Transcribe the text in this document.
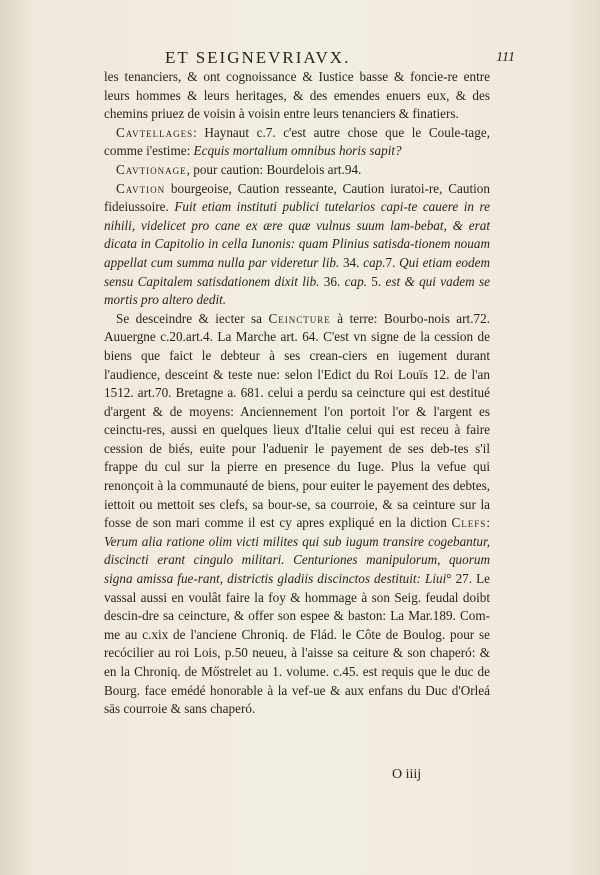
ET SEIGNEVRIAVX.	111

les tenanciers, & ont cognoissance & Iustice basse & foncie-re entre leurs hommes & leurs heritages, & des emendes enuers eux, & des chemins priuez de voisin à voisin entre leurs tenanciers & finatiers.

Cavtellages: Haynaut c.7. c'est autre chose que le Coule-tage, comme i'estime: Ecquis mortalium omnibus horis sapit?

Cavtionage, pour caution: Bourdelois art.94.

Cavtion bourgeoise, Caution resseante, Caution iuratoi-re, Caution fideiussoire. Fuit etiam instituti publici tutelarios capi-te cauere in re nihili, videlicet pro cane ex ære quæ vulnus suum lam-bebat, & erat dicata in Capitolio in cella Iunonis: quam Plinius satisda-tionem nouam appellat cum summa nulla par videretur lib. 34. cap.7. Qui etiam eodem sensu Capitalem satisdationem dixit lib. 36. cap. 5. est & qui vadem se mortis pro altero dedit.

Se desceindre & iecter sa Ceincture à terre: Bourbo-nois art.72. Auuergne c.20.art.4. La Marche art. 64. C'est vn signe de la cession de biens que faict le debteur à ses crean-ciers en iugement durant l'audience, desceint & teste nue: selon l'Edict du Roi Louïs 12. de l'an 1512. art.70. Bretagne a. 681. celui a perdu sa ceincture qui est destitué d'argent & de moyens: Anciennement l'on portoit l'or & l'argent es ceinctu-res, aussi en quelques lieux d'Italie celui qui est receu à faire cession de biés, euite pour l'aduenir le payement de ses deb-tes s'il frappe du cul sur la pierre en presence du Iuge. Plus la vefue qui renonçoit à la communauté de biens, pour euiter le payement des debtes, iettoit ou mettoit ses clefs, sa bour-se, sa courroie, & sa ceinture sur la fosse de son mari comme il est cy apres expliqué en la diction Clefs: Verum alia ratione olim victi milites qui sub iugum transire cogebantur, discincti erant cingulo militari. Centuriones manipulorum, quorum signa amissa fue-rant, districtis gladiis discinctos destituit: Liui° 27. Le vassal aussi en voulât faire la foy & hommage à son Seig. feudal doibt descin-dre sa ceincture, & offer son espee & baston: La Mar.189. Com-me au c.xix de l'anciene Chroniq. de Flád. le Côte de Boulog. pour se recócilier au roi Lois, p.50 neueu, à l'aisse sa ceiture & son chaperó: & en la Chroniq. de Mőstrelet au 1. volume. c.45. est requis que le duc de Bourg. face emédé honorable à la vef-ue & aux enfans du Duc d'Orleá sās courroie & sans chaperó.

O iiij
